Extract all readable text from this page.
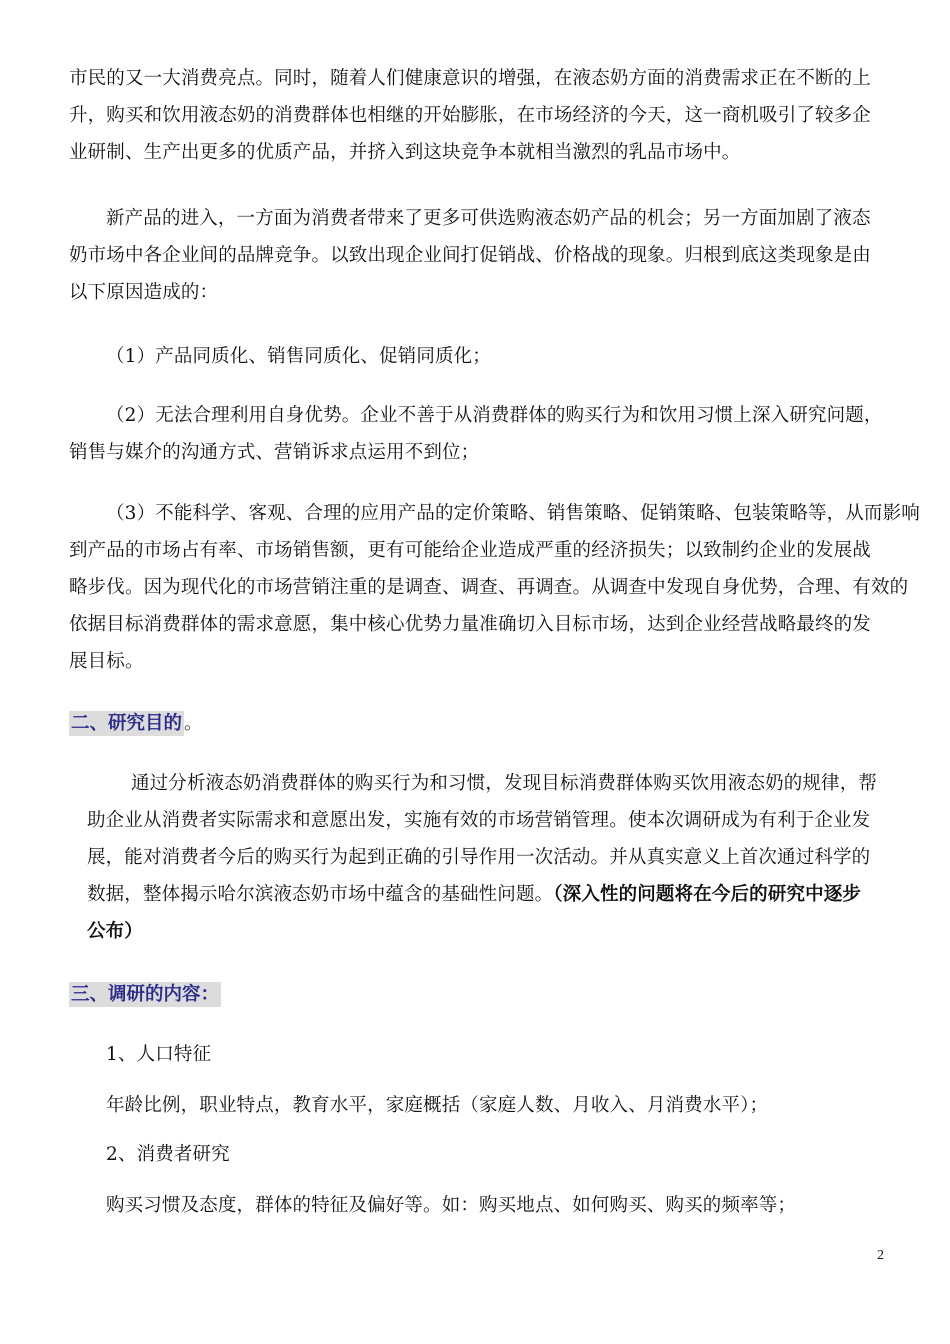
市民的又一大消费亮点。同时，随着人们健康意识的增强，在液态奶方面的消费需求正在不断的上
升，购买和饮用液态奶的消费群体也相继的开始膨胀，在市场经济的今天，这一商机吸引了较多企
业研制、生产出更多的优质产品，并挤入到这块竞争本就相当激烈的乳品市场中。
新产品的进入，一方面为消费者带来了更多可供选购液态奶产品的机会；另一方面加剧了液态
奶市场中各企业间的品牌竞争。以致出现企业间打促销战、价格战的现象。归根到底这类现象是由
以下原因造成的：
（1）产品同质化、销售同质化、促销同质化；
（2）无法合理利用自身优势。企业不善于从消费群体的购买行为和饮用习惯上深入研究问题，
销售与媒介的沟通方式、营销诉求点运用不到位；
（3）不能科学、客观、合理的应用产品的定价策略、销售策略、促销策略、包装策略等，从而影响
到产品的市场占有率、市场销售额，更有可能给企业造成严重的经济损失；以致制约企业的发展战
略步伐。因为现代化的市场营销注重的是调查、调查、再调查。从调查中发现自身优势，合理、有效的
依据目标消费群体的需求意愿，集中核心优势力量准确切入目标市场，达到企业经营战略最终的发
展目标。
二、研究目的 。
通过分析液态奶消费群体的购买行为和习惯，发现目标消费群体购买饮用液态奶的规律，帮
助企业从消费者实际需求和意愿出发，实施有效的市场营销管理。使本次调研成为有利于企业发
展，能对消费者今后的购买行为起到正确的引导作用一次活动。并从真实意义上首次通过科学的
数据，整体揭示哈尔滨液态奶市场中蕴含的基础性问题。（深入性的问题将在今后的研究中逐步
公布）
三、调研的内容：
1、人口特征
年龄比例，职业特点，教育水平，家庭概括（家庭人数、月收入、月消费水平）；
2、消费者研究
购买习惯及态度，群体的特征及偏好等。如：购买地点、如何购买、购买的频率等；
2
